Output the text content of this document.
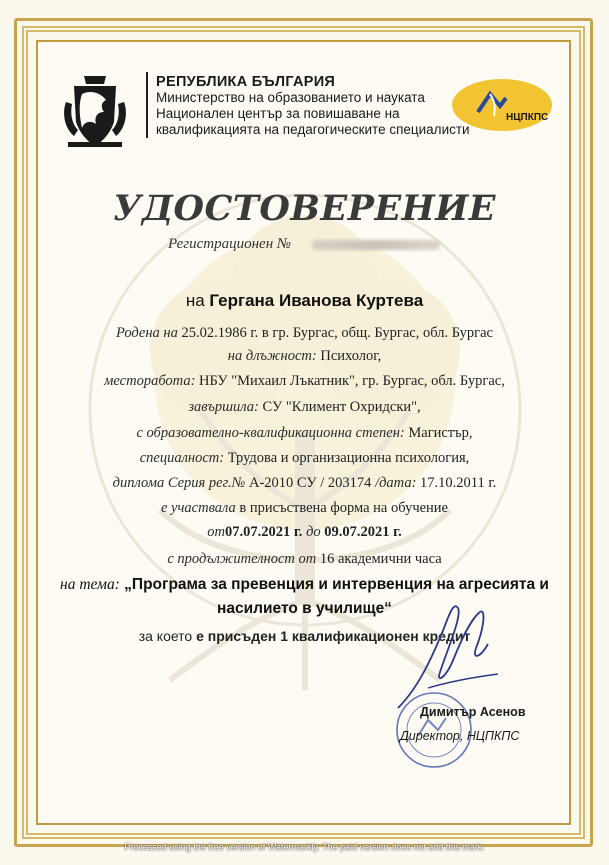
РЕПУБЛИКА БЪЛГАРИЯ
Министерство на образованието и науката
Национален център за повишаване на
квалификацията на педагогическите специалисти
НЦПКПС
УДОСТОВЕРЕНИЕ
Регистрационен №
на Гергана Иванова Куртева
Родена на 25.02.1986 г. в гр. Бургас, общ. Бургас, обл. Бургас
на длъжност: Психолог,
месторабота: НБУ "Михаил Лъкатник", гр. Бургас, обл. Бургас,
завършила: СУ "Климент Охридски",
с образователно-квалификационна степен: Магистър,
специалност: Трудова и организационна психология,
диплома Серия рег.№ А-2010 СУ / 203174 /дата: 17.10.2011 г.
е участвала в присъствена форма на обучение
от07.07.2021 г. до 09.07.2021 г.
с продължителност от 16 академични часа
на тема: „Програма за превенция и интервенция на агресията и
насилието в училище“
за което е присъден 1 квалификационен кредит
Димитър Асенов
Директор, НЦПКПС
Processed using the free version of Watermarkly. The paid version does not add this mark.
